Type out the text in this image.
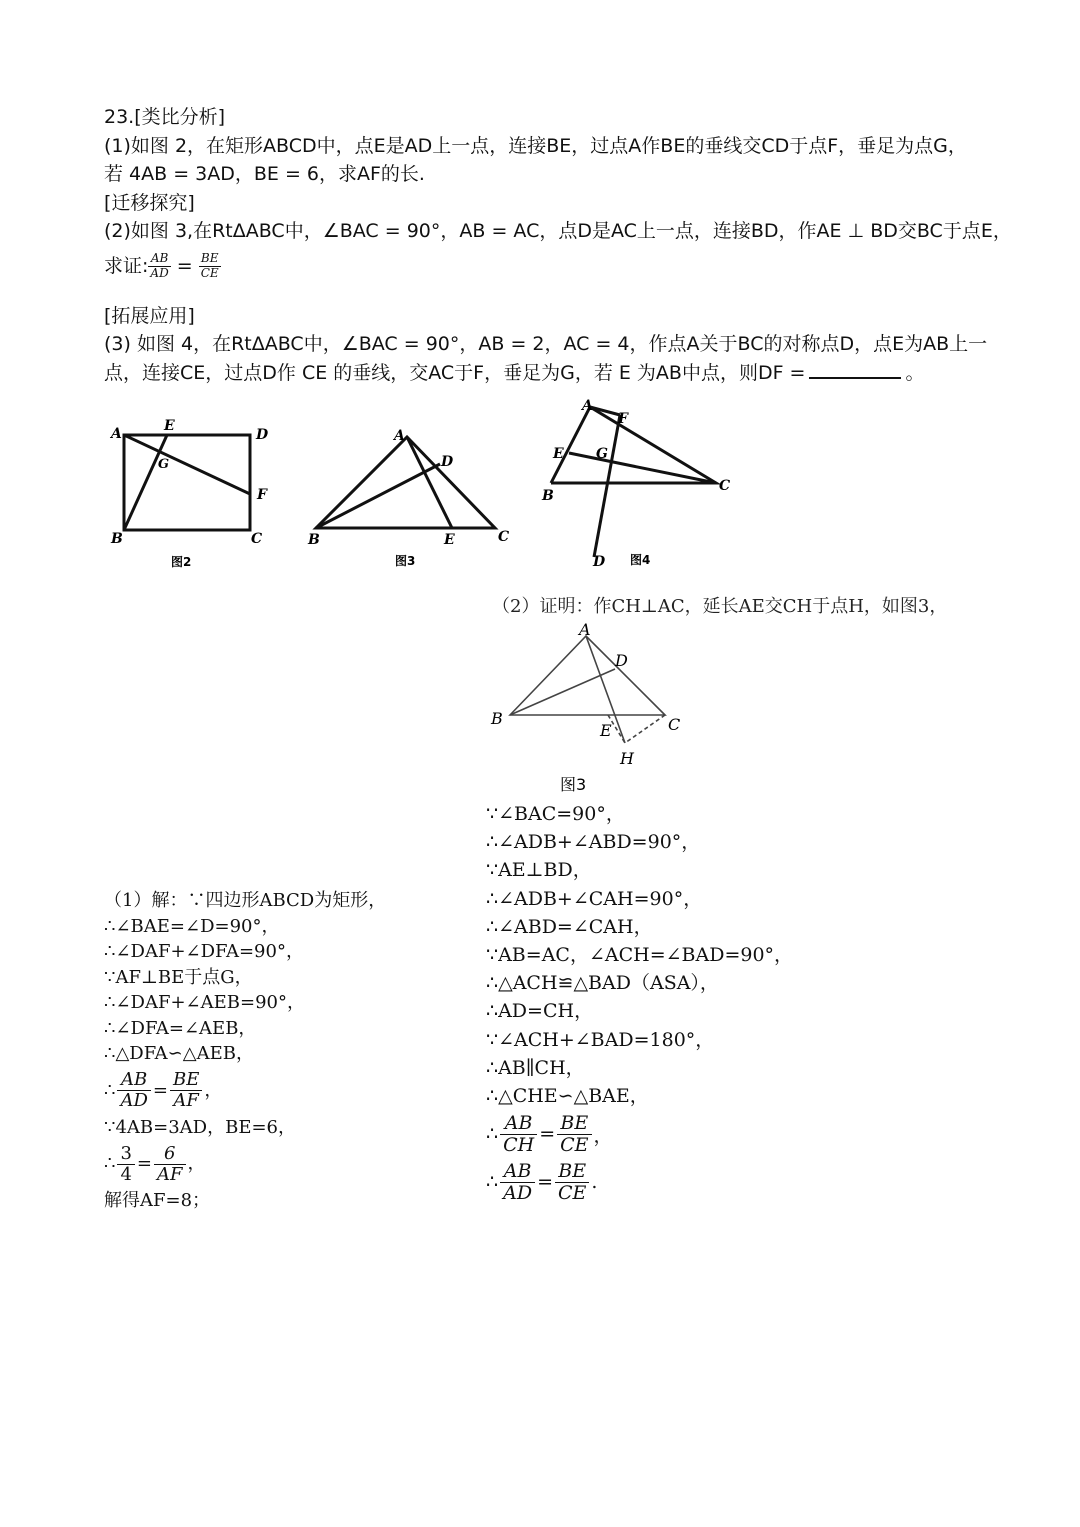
23.[类比分析]
(1)如图 2，在矩形ABCD中，点E是AD上一点，连接BE，过点A作BE的垂线交CD于点F，垂足为点G，
若 4AB = 3AD，BE = 6，求AF的长.
[迁移探究]
(2)如图 3,在RtΔABC中，∠BAC = 90°，AB = AC，点D是AC上一点，连接BD，作AE ⊥ BD交BC于点E，
求证: $\frac{AB}{AD} = \frac{BE}{CE}$
[拓展应用]
(3) 如图 4，在RtΔABC中，∠BAC = 90°，AB = 2，AC = 4，作点A关于BC的对称点D，点E为AB上一
点，连接CE，过点D作 CE 的垂线，交AC于F，垂足为G，若 E 为AB中点，则DF =	。
A	E
D
G
F
B	C
图2
A
D
B	E	C
图3
A
F
E G
B
C
D 图4
（2）证明：作CH⊥AC，延长AE交CH于点H，如图3，
A
D
B
E	C
H
图3
∵∠BAC=90°，
∴∠ADB+∠ABD=90°，
∵AE⊥BD，
∴∠ADB+∠CAH=90°，
∴∠ABD=∠CAH，
∵AB=AC，∠ACH=∠BAD=90°，
∴△ACH≌△BAD（ASA），
∴AD=CH，
∵∠ACH+∠BAD=180°，
∴AB∥CH，
∴△CHE∽△BAE，
∴ $\frac{AB}{CH} = \frac{BE}{CE}$ ，
∴ $\frac{AB}{AD} = \frac{BE}{CE}$ .
（1）解：∵四边形ABCD为矩形，
∴∠BAE=∠D=90°，
∴∠DAF+∠DFA=90°，
∵AF⊥BE于点G，
∴∠DAF+∠AEB=90°，
∴∠DFA=∠AEB，
∴△DFA∽△AEB，
∴ $\frac{AB}{AD} = \frac{BE}{AF}$ ，
∵4AB=3AD，BE=6，
∴ $\frac{3}{4} = \frac{6}{AF}$ ，
解得AF=8；
